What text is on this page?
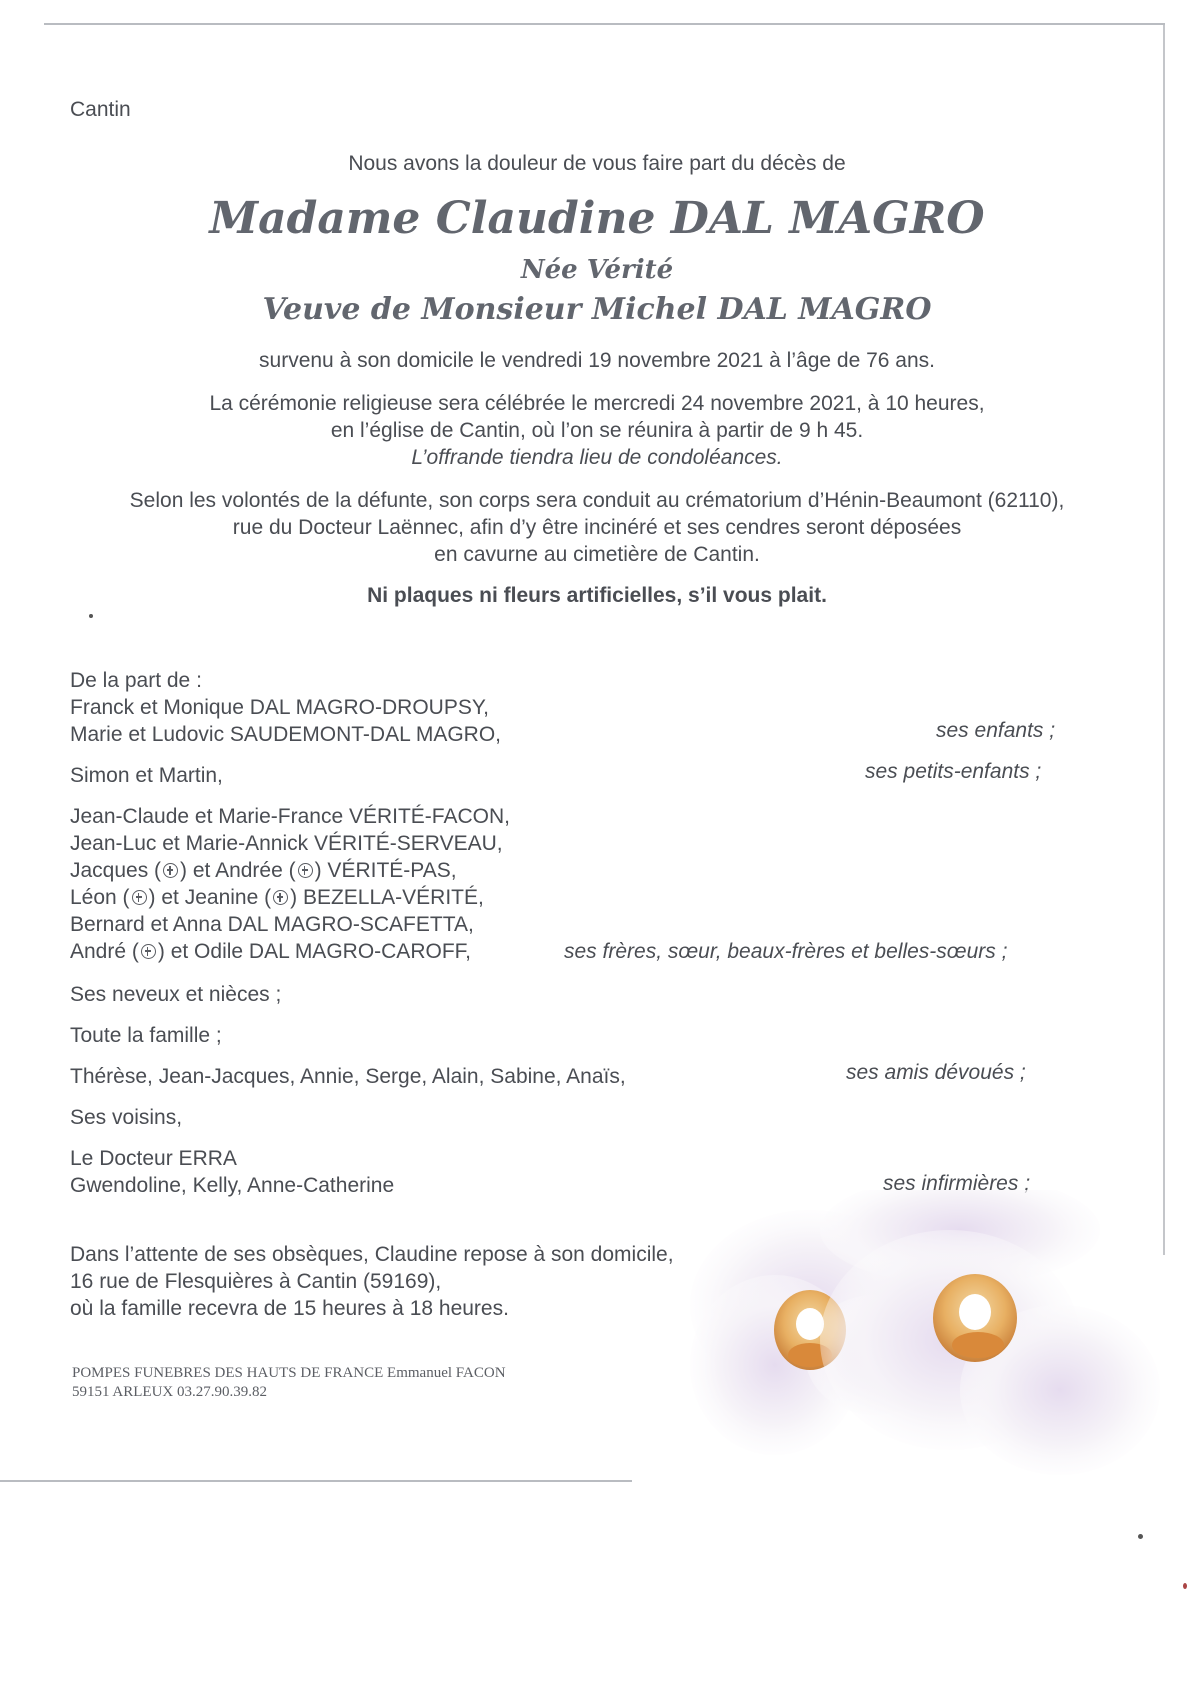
Cantin
Nous avons la douleur de vous faire part du décès de
Madame Claudine DAL MAGRO
Née Vérité
Veuve de Monsieur Michel DAL MAGRO
survenu à son domicile le vendredi 19 novembre 2021 à l’âge de 76 ans.
La cérémonie religieuse sera célébrée le mercredi 24 novembre 2021, à 10 heures,
en l’église de Cantin, où l’on se réunira à partir de 9 h 45.
L’offrande tiendra lieu de condoléances.
Selon les volontés de la défunte, son corps sera conduit au crématorium d’Hénin-Beaumont (62110),
rue du Docteur Laënnec, afin d’y être incinéré et ses cendres seront déposées
en cavurne au cimetière de Cantin.
Ni plaques ni fleurs artificielles, s’il vous plait.
De la part de :
Franck et Monique DAL MAGRO-DROUPSY,
Marie et Ludovic SAUDEMONT-DAL MAGRO,	ses enfants ;
Simon et Martin,	ses petits-enfants ;
Jean-Claude et Marie-France VÉRITÉ-FACON,
Jean-Luc et Marie-Annick VÉRITÉ-SERVEAU,
Jacques ( ) et Andrée ( ) VÉRITÉ-PAS,
Léon ( ) et Jeanine ( ) BEZELLA-VÉRITÉ,
Bernard et Anna DAL MAGRO-SCAFETTA,
André ( ) et Odile DAL MAGRO-CAROFF,	ses frères, sœur, beaux-frères et belles-sœurs ;
Ses neveux et nièces ;
Toute la famille ;
Thérèse, Jean-Jacques, Annie, Serge, Alain, Sabine, Anaïs,	ses amis dévoués ;
Ses voisins,
Le Docteur ERRA
Gwendoline, Kelly, Anne-Catherine	ses infirmières ;
Dans l’attente de ses obsèques, Claudine repose à son domicile,
16 rue de Flesquières à Cantin (59169),
où la famille recevra de 15 heures à 18 heures.
POMPES FUNEBRES DES HAUTS DE FRANCE Emmanuel FACON
59151 ARLEUX 03.27.90.39.82
